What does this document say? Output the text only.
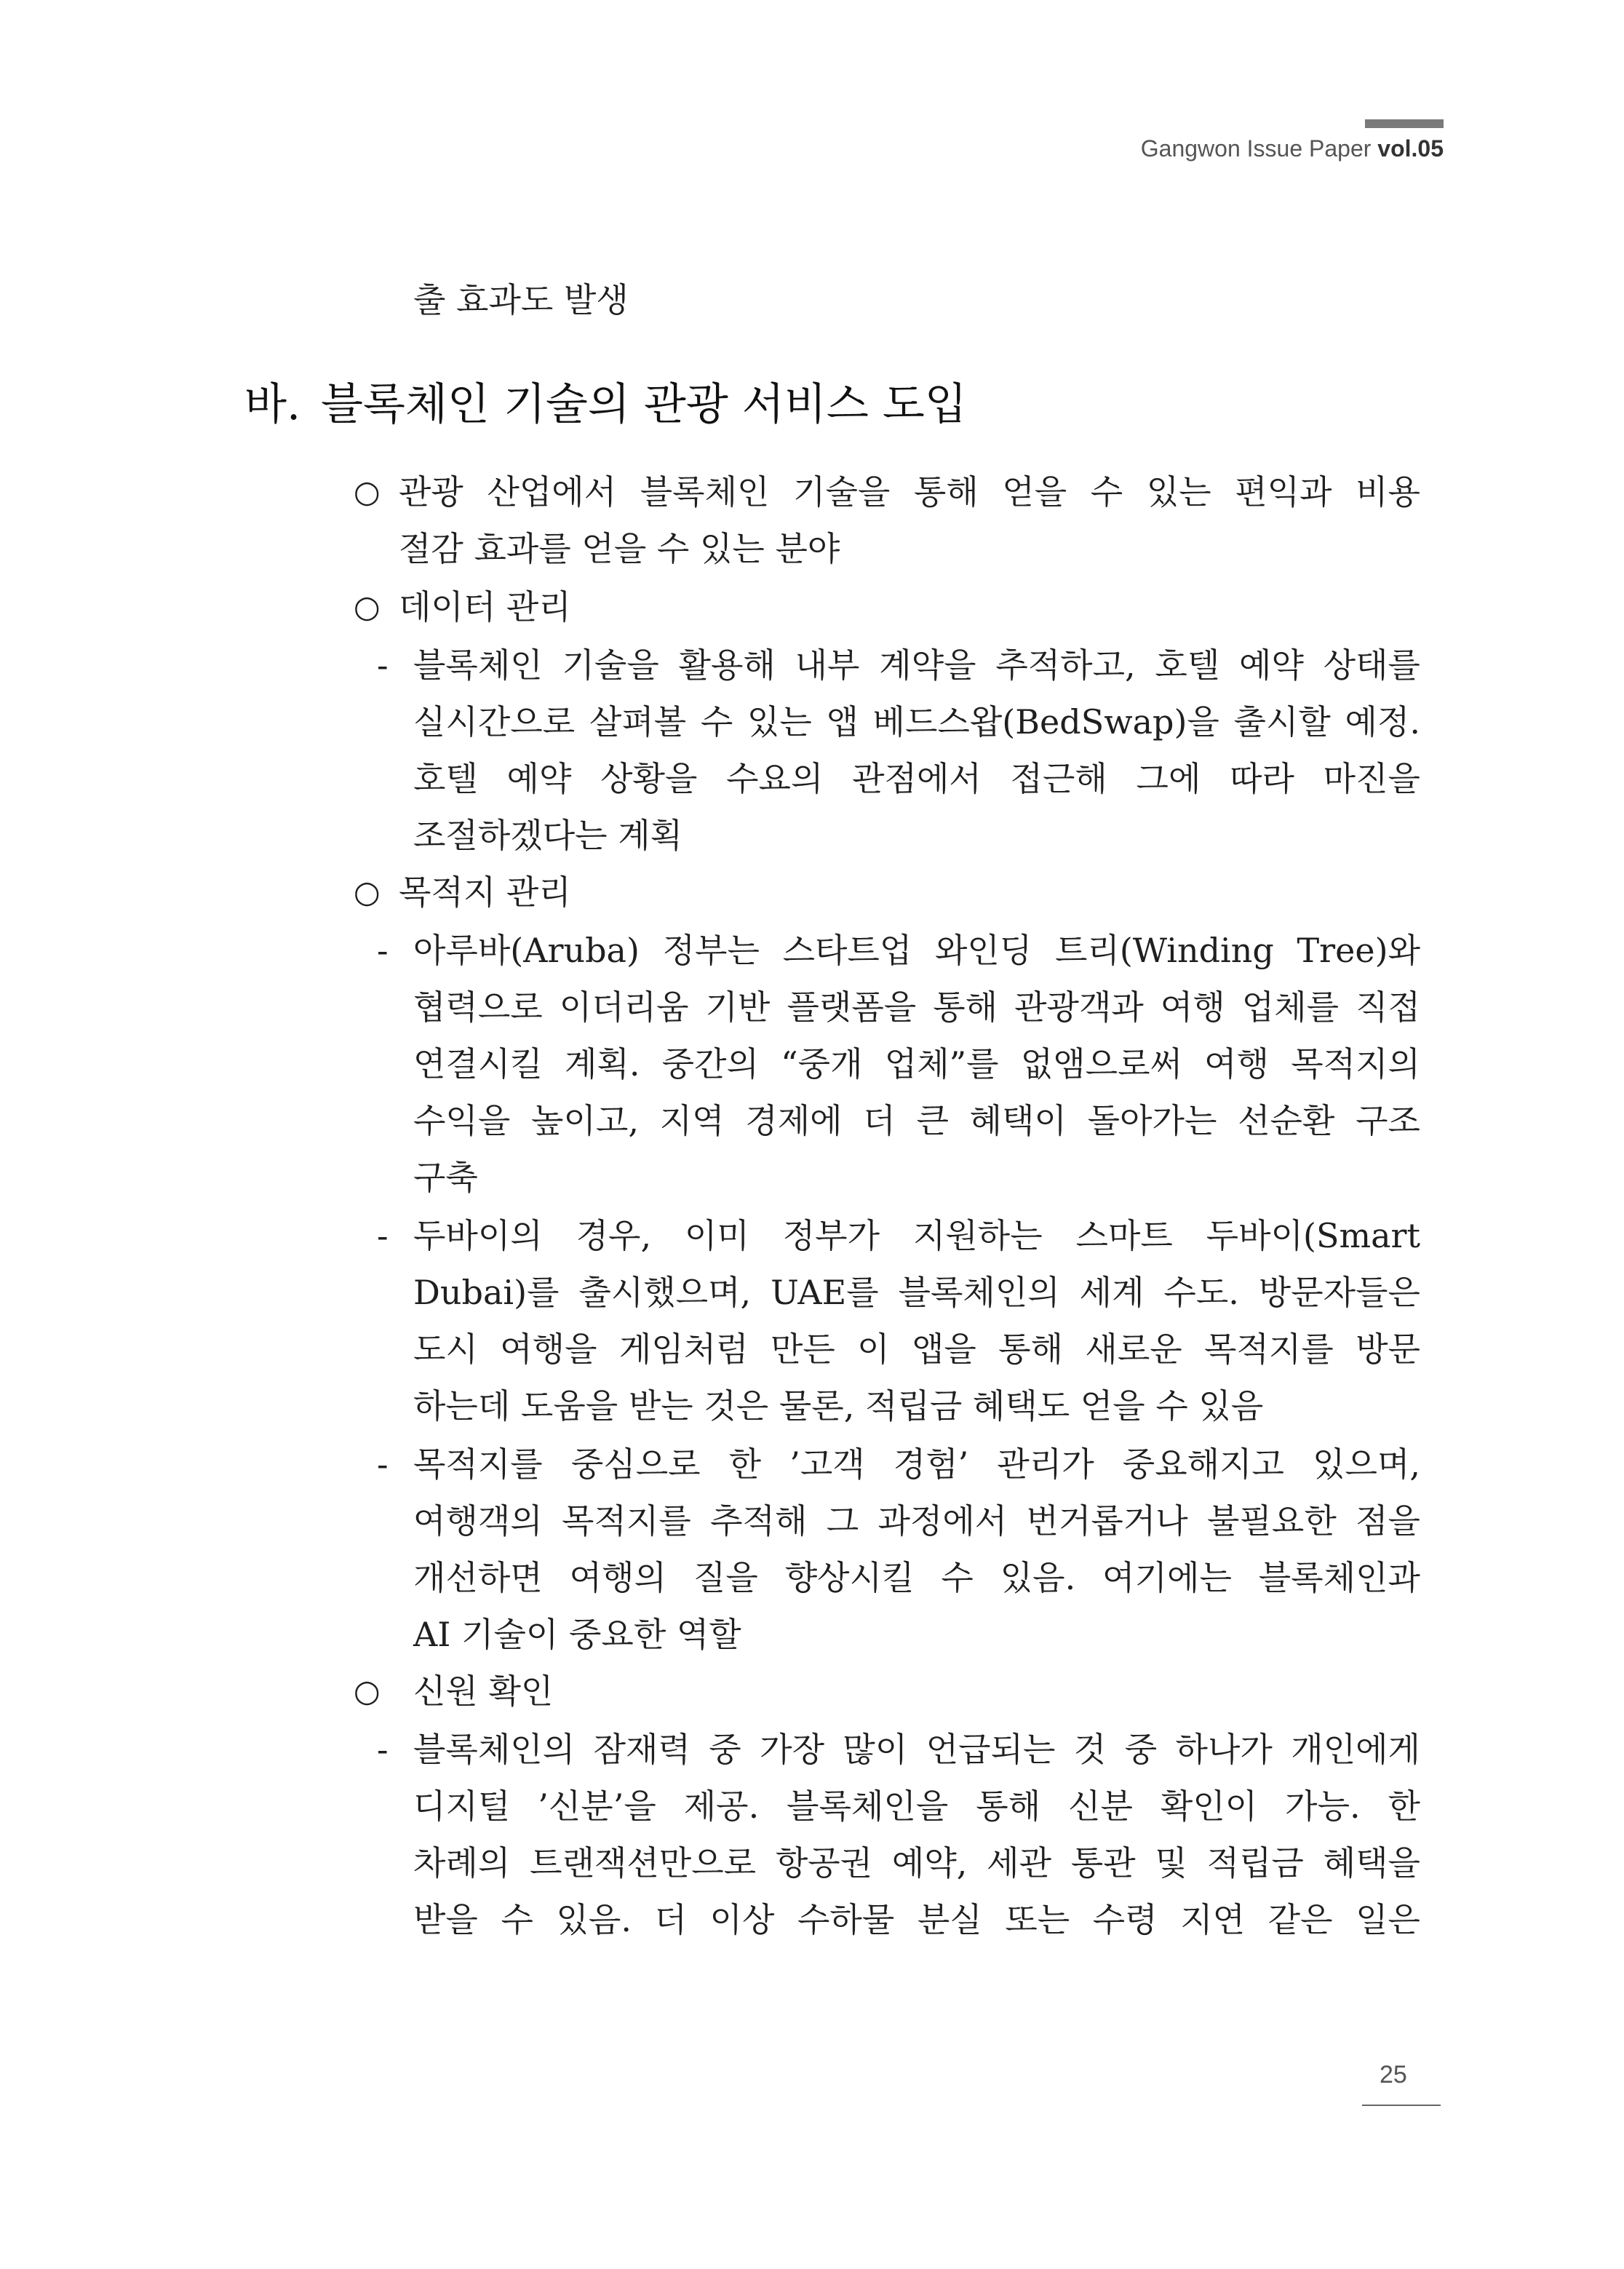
Gangwon Issue Paper vol.05
출 효과도 발생
바. 블록체인 기술의 관광 서비스 도입
○ 관광 산업에서 블록체인 기술을 통해 얻을 수 있는 편익과 비용
절감 효과를 얻을 수 있는 분야
○ 데이터 관리
- 블록체인 기술을 활용해 내부 계약을 추적하고, 호텔 예약 상태를
실시간으로 살펴볼 수 있는 앱 베드스왑(BedSwap)을 출시할 예정.
호텔 예약 상황을 수요의 관점에서 접근해 그에 따라 마진을
조절하겠다는 계획
○ 목적지 관리
- 아루바(Aruba) 정부는 스타트업 와인딩 트리(Winding Tree)와
협력으로 이더리움 기반 플랫폼을 통해 관광객과 여행 업체를 직접
연결시킬 계획. 중간의 “중개 업체”를 없앰으로써 여행 목적지의
수익을 높이고, 지역 경제에 더 큰 혜택이 돌아가는 선순환 구조
구축
- 두바이의 경우, 이미 정부가 지원하는 스마트 두바이(Smart
Dubai)를 출시했으며, UAE를 블록체인의 세계 수도. 방문자들은
도시 여행을 게임처럼 만든 이 앱을 통해 새로운 목적지를 방문
하는데 도움을 받는 것은 물론, 적립금 혜택도 얻을 수 있음
- 목적지를 중심으로 한 ’고객 경험’ 관리가 중요해지고 있으며,
여행객의 목적지를 추적해 그 과정에서 번거롭거나 불필요한 점을
개선하면 여행의 질을 향상시킬 수 있음. 여기에는 블록체인과
AI 기술이 중요한 역할
○ 신원 확인
- 블록체인의 잠재력 중 가장 많이 언급되는 것 중 하나가 개인에게
디지털 ’신분’을 제공. 블록체인을 통해 신분 확인이 가능. 한
차례의 트랜잭션만으로 항공권 예약, 세관 통관 및 적립금 혜택을
받을 수 있음. 더 이상 수하물 분실 또는 수령 지연 같은 일은
25
